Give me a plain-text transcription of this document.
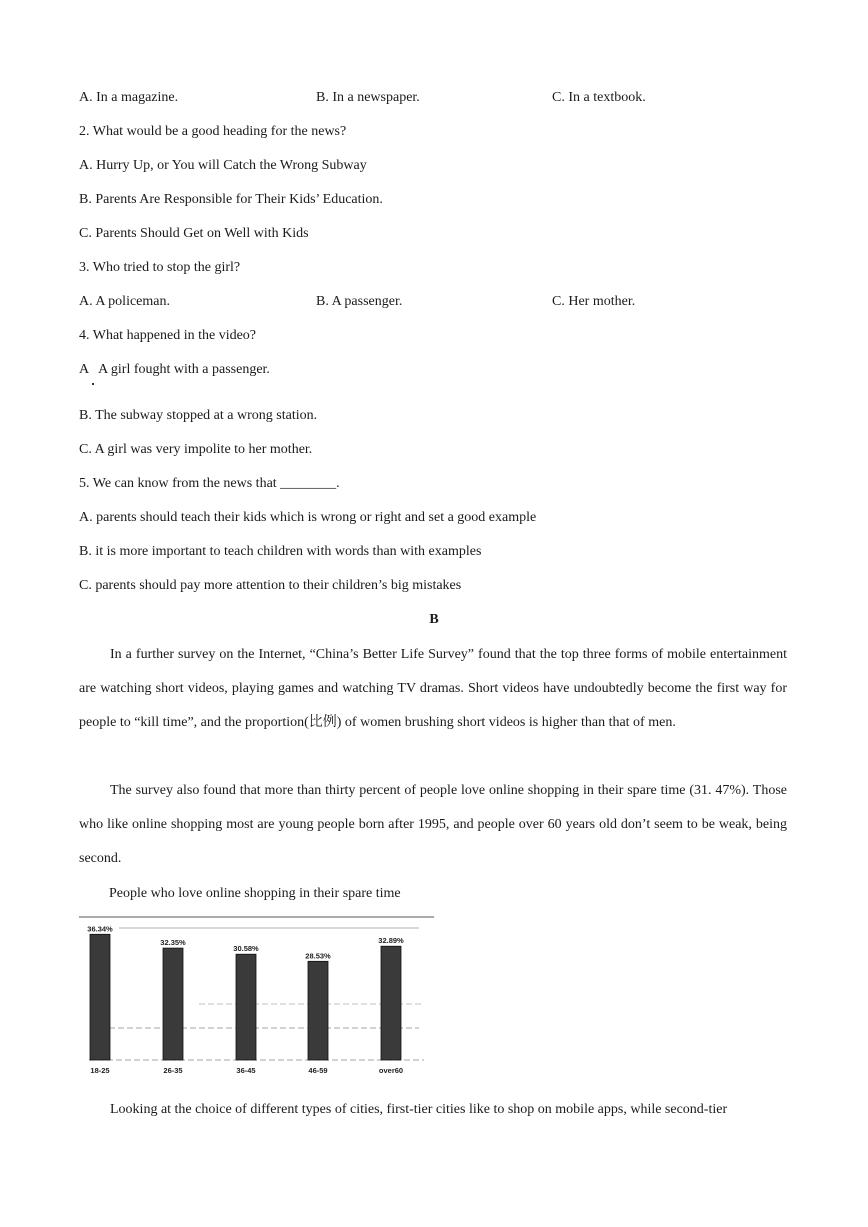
A. In a magazine.	B. In a newspaper.	C. In a textbook.
2. What would be a good heading for the news?
A. Hurry Up, or You will Catch the Wrong Subway
B. Parents Are Responsible for Their Kids’ Education.
C. Parents Should Get on Well with Kids
3. Who tried to stop the girl?
A. A policeman.	B. A passenger.	C. Her mother.
4. What happened in the video?
A   A girl fought with a passenger.
B. The subway stopped at a wrong station.
C. A girl was very impolite to her mother.
5. We can know from the news that ________.
A. parents should teach their kids which is wrong or right and set a good example
B. it is more important to teach children with words than with examples
C. parents should pay more attention to their children’s big mistakes
B

In a further survey on the Internet, “China’s Better Life Survey” found that the top three forms of mobile entertainment are watching short videos, playing games and watching TV dramas. Short videos have undoubtedly become the first way for people to “kill time”, and the proportion(比例) of women brushing short videos is higher than that of men.

The survey also found that more than thirty percent of people love online shopping in their spare time (31. 47%). Those who like online shopping most are young people born after 1995, and people over 60 years old don’t seem to be weak, being second.

People who love online shopping in their spare time
36.34%
32.35%
30.58%
28.53%
32.89%
18-25	26-35	36-45	46-59	over60

Looking at the choice of different types of cities, first-tier cities like to shop on mobile apps, while second-tier
